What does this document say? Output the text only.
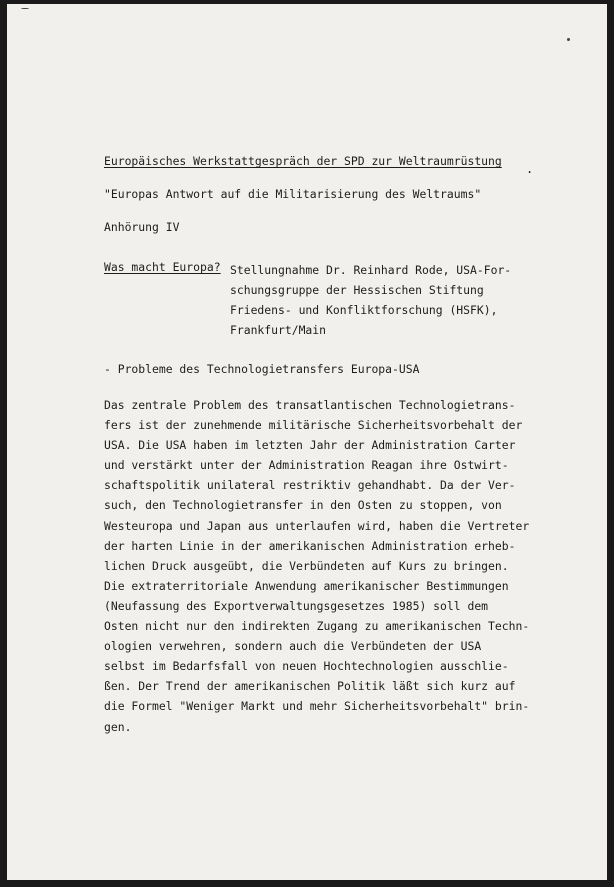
Europäisches Werkstattgespräch der SPD zur Weltraumrüstung
.
"Europas Antwort auf die Militarisierung des Weltraums"
Anhörung IV
Was macht Europa? Stellungnahme Dr. Reinhard Rode, USA-For-
schungsgruppe der Hessischen Stiftung
Friedens- und Konfliktforschung (HSFK),
Frankfurt/Main
- Probleme des Technologietransfers Europa-USA
Das zentrale Problem des transatlantischen Technologietrans-
fers ist der zunehmende militärische Sicherheitsvorbehalt der
USA. Die USA haben im letzten Jahr der Administration Carter
und verstärkt unter der Administration Reagan ihre Ostwirt-
schaftspolitik unilateral restriktiv gehandhabt. Da der Ver-
such, den Technologietransfer in den Osten zu stoppen, von
Westeuropa und Japan aus unterlaufen wird, haben die Vertreter
der harten Linie in der amerikanischen Administration erheb-
lichen Druck ausgeübt, die Verbündeten auf Kurs zu bringen.
Die extraterritoriale Anwendung amerikanischer Bestimmungen
(Neufassung des Exportverwaltungsgesetzes 1985) soll dem
Osten nicht nur den indirekten Zugang zu amerikanischen Techn-
ologien verwehren, sondern auch die Verbündeten der USA
selbst im Bedarfsfall von neuen Hochtechnologien ausschlie-
ßen. Der Trend der amerikanischen Politik läßt sich kurz auf
die Formel "Weniger Markt und mehr Sicherheitsvorbehalt" brin-
gen.
